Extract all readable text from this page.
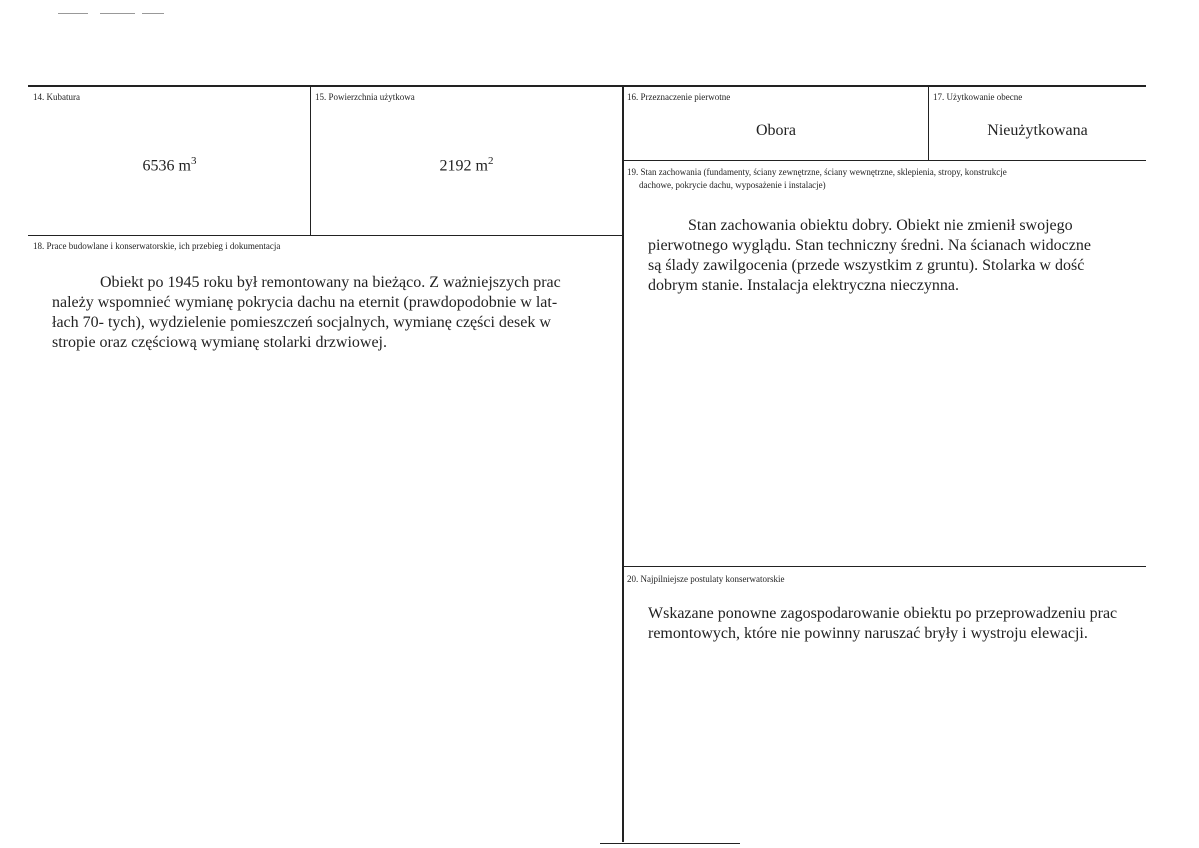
14. Kubatura
6536 $m^3$
15. Powierzchnia użytkowa
2192 $m^2$
16. Przeznaczenie pierwotne
Obora
17. Użytkowanie obecne
Nieużytkowana
19. Stan zachowania (fundamenty, ściany zewnętrzne, ściany wewnętrzne, sklepienia, stropy, konstrukcje
dachowe, pokrycie dachu, wyposażenie i instalacje)

Stan zachowania obiektu dobry. Obiekt nie zmienił swojego

pierwotnego wyglądu. Stan techniczny średni. Na ścianach widoczne

są ślady zawilgocenia (przede wszystkim z gruntu). Stolarka w dość

dobrym stanie. Instalacja elektryczna nieczynna.

18. Prace budowlane i konserwatorskie, ich przebieg i dokumentacja

Obiekt po 1945 roku był remontowany na bieżąco. Z ważniejszych prac

należy wspomnieć wymianę pokrycia dachu na eternit (prawdopodobnie w lat-

łach 70- tych), wydzielenie pomieszczeń socjalnych, wymianę części desek w

stropie oraz częściową wymianę stolarki drzwiowej.

20. Najpilniejsze postulaty konserwatorskie

Wskazane ponowne zagospodarowanie obiektu po przeprowadzeniu prac

remontowych, które nie powinny naruszać bryły i wystroju elewacji.
